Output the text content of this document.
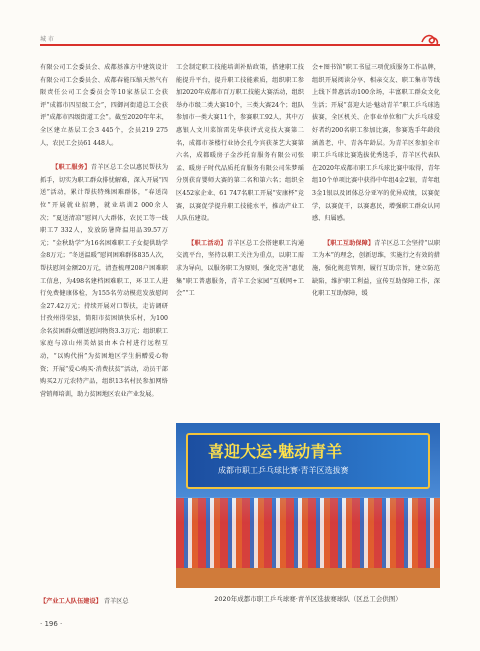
城 市

有限公司工会委员会、成都基准方中建筑设计有限公司工会委员会、成都春能压缩天然气有限责任公司工会委员会等10家基层工会获评“成都市四星级工会”，四御河街道总工会获评“成都市四级街道工会”。截至2020年年末，全区建立基层工会3 445个，会员219 275人，农民工会员61 448人。

【职工服务】青羊区总工会以惠民帮扶为抓手，切实为职工群众排忧解难，深入开展“四送”活动，累计帮扶特殊困难群体，“春送岗位”开展就业招聘，就业培训2 000余人次；“夏送清凉”慰问八大群体，农民工等一线职工7 332人，发放防暑降温用品39.57万元；“金秋助学”为16名困难职工子女提供助学金8万元；“冬送温暖”慰问困难群体835人次，帮扶慰问金额20万元，清查梳理208户困难职工信息，为498名建档困难职工，环卫工人进行免费健康体检，为155名劳动模范发放慰问金27.42万元；持续开展对口帮扶，走访调研甘孜州得荣县，简阳市贫困镇快乐村，为100余名贫困群众赠送慰问物资3.3万元；组织职工家庭与凉山州美姑县由本合村进行远程互动，“以购代捐”为贫困地区学生捐赠爱心物资；开展“爱心购买·消费扶贫”活动，动员干部购买2万元农特产品，组织13名村民参加网络营销师培训，助力贫困地区农业产业发展。

工会制定职工技能培训补贴政策，搭建职工技能提升平台，提升职工技能素质，组织职工参加2020年成都市百万职工技能大赛活动，组织举办市级二类大赛10个，三类大赛24个；组队参加市一类大赛11个，参赛职工92人，其中万惠银人文川菜馆雷先华获评式竞技大赛第二名，成都市茶楼行业协会孔令宾获茶艺大赛第六名，成都暖房子金沙托育服务有限公司张孟、暖房子时代品质托育服务有限公司朱梦瑶分别获育婴师大赛的第二名和第六名；组织全区452家企业、61 747名职工开展“安康杯”竞赛，以赛促学提升职工技能水平，推动产业工人队伍建设。

【职工活动】青羊区总工会搭建职工沟通交流平台，坚持以职工关注为重点，以职工需求为导向，以服务职工为原则，强化完善“惠优集”职工普惠服务，青羊工会家园“互联网+工会”“工

会+图书馆”职工书屋三项优质服务工作品牌，组织开展阅读分享、相亲交友、职工集市等线上线下普惠活动100余场，丰富职工群众文化生活；开展“喜迎大运·魅动青羊”职工乒乓球选拔赛，全区机关、企事业单位和广大乒乓球爱好者约200名职工参加比赛，参赛选手年龄段涵盖老、中、青各年龄层。为青羊区参加全市职工乒乓球比赛选拔优秀选手，青羊区代表队在2020年成都市职工乒乓球比赛中取得，青年组10个单项比赛中获得中年组4金2银，青年组3金1银以及团体总分亚军的优异成绩，以赛促学，以赛促干，以赛惠民，增强职工群众认同感、归属感。

【职工互助保障】青羊区总工会坚持“以职工为本”的理念，创新思维，实施行之有效的措施，强化规范管理，履行互助宗旨，建立防范缺陷，维护职工利益，宣传互助保障工作，深化职工互助保障，缓

喜迎大运·魅动青羊
成都市职工乒乓球比赛·青羊区选拔赛
2020年成都市职工乒乓球赛·青羊区选拔赛球队（区总工会供图）
【产业工人队伍建设】 青羊区总
· 196 ·
